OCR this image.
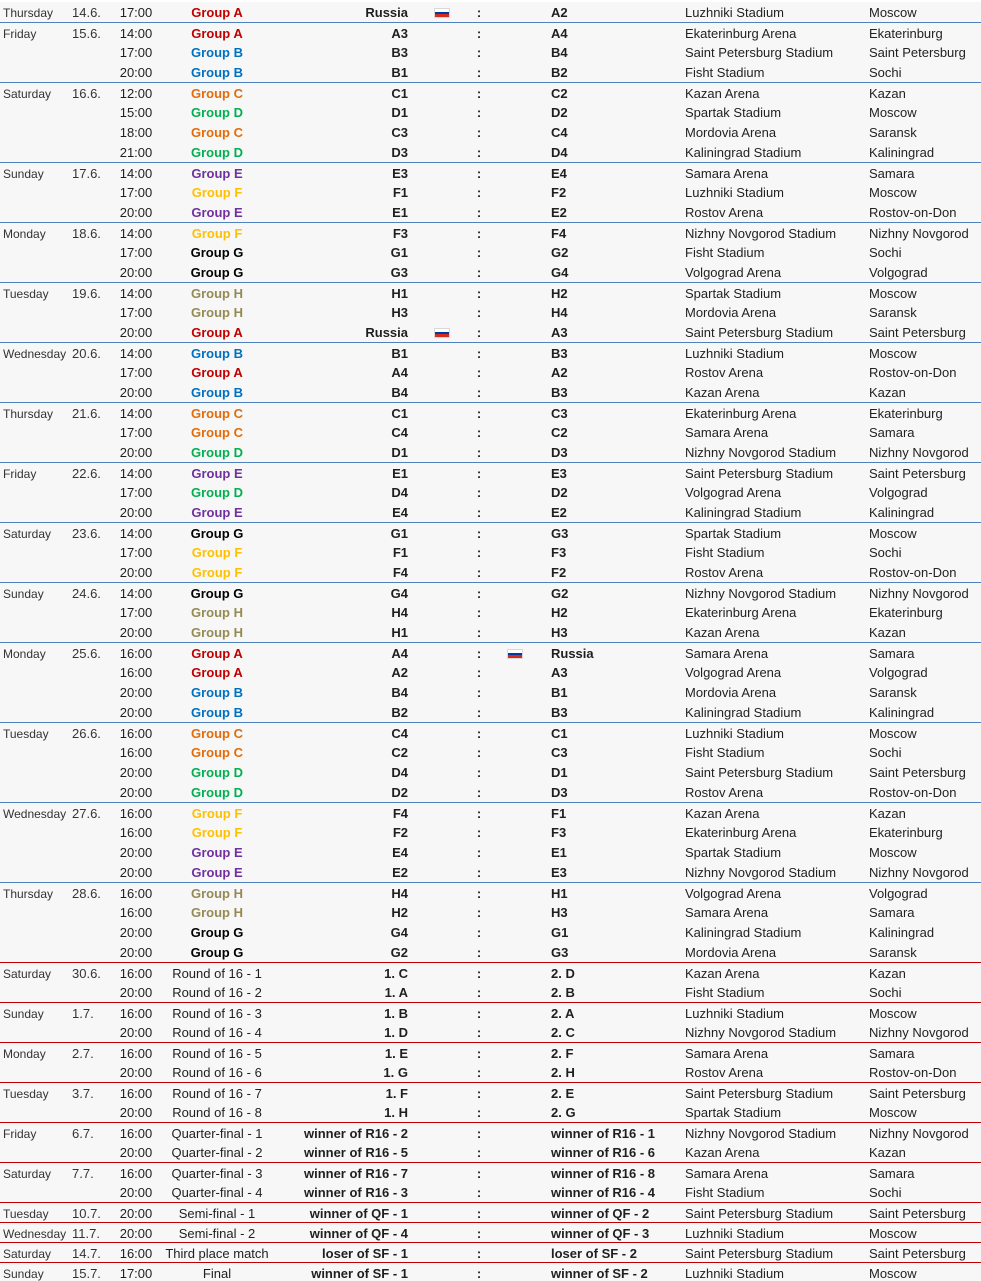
Thursday	14.6.	17:00	Group A	Russia	:	A2	Luzhniki Stadium	Moscow
Friday	15.6.	14:00	Group A	A3	:	A4	Ekaterinburg Arena	Ekaterinburg
17:00	Group B	B3	:	B4	Saint Petersburg Stadium	Saint Petersburg
20:00	Group B	B1	:	B2	Fisht Stadium	Sochi
Saturday	16.6.	12:00	Group C	C1	:	C2	Kazan Arena	Kazan
15:00	Group D	D1	:	D2	Spartak Stadium	Moscow
18:00	Group C	C3	:	C4	Mordovia Arena	Saransk
21:00	Group D	D3	:	D4	Kaliningrad Stadium	Kaliningrad
Sunday	17.6.	14:00	Group E	E3	:	E4	Samara Arena	Samara
17:00	Group F	F1	:	F2	Luzhniki Stadium	Moscow
20:00	Group E	E1	:	E2	Rostov Arena	Rostov-on-Don
Monday	18.6.	14:00	Group F	F3	:	F4	Nizhny Novgorod Stadium	Nizhny Novgorod
17:00	Group G	G1	:	G2	Fisht Stadium	Sochi
20:00	Group G	G3	:	G4	Volgograd Arena	Volgograd
Tuesday	19.6.	14:00	Group H	H1	:	H2	Spartak Stadium	Moscow
17:00	Group H	H3	:	H4	Mordovia Arena	Saransk
20:00	Group A	Russia	:	A3	Saint Petersburg Stadium	Saint Petersburg
Wednesday 20.6.	14:00	Group B	B1	:	B3	Luzhniki Stadium	Moscow
17:00	Group A	A4	:	A2	Rostov Arena	Rostov-on-Don
20:00	Group B	B4	:	B3	Kazan Arena	Kazan
Thursday	21.6.	14:00	Group C	C1	:	C3	Ekaterinburg Arena	Ekaterinburg
17:00	Group C	C4	:	C2	Samara Arena	Samara
20:00	Group D	D1	:	D3	Nizhny Novgorod Stadium	Nizhny Novgorod
Friday	22.6.	14:00	Group E	E1	:	E3	Saint Petersburg Stadium	Saint Petersburg
17:00	Group D	D4	:	D2	Volgograd Arena	Volgograd
20:00	Group E	E4	:	E2	Kaliningrad Stadium	Kaliningrad
Saturday	23.6.	14:00	Group G	G1	:	G3	Spartak Stadium	Moscow
17:00	Group F	F1	:	F3	Fisht Stadium	Sochi
20:00	Group F	F4	:	F2	Rostov Arena	Rostov-on-Don
Sunday	24.6.	14:00	Group G	G4	:	G2	Nizhny Novgorod Stadium	Nizhny Novgorod
17:00	Group H	H4	:	H2	Ekaterinburg Arena	Ekaterinburg
20:00	Group H	H1	:	H3	Kazan Arena	Kazan
Monday	25.6.	16:00	Group A	A4	:	Russia	Samara Arena	Samara
16:00	Group A	A2	:	A3	Volgograd Arena	Volgograd
20:00	Group B	B4	:	B1	Mordovia Arena	Saransk
20:00	Group B	B2	:	B3	Kaliningrad Stadium	Kaliningrad
Tuesday	26.6.	16:00	Group C	C4	:	C1	Luzhniki Stadium	Moscow
16:00	Group C	C2	:	C3	Fisht Stadium	Sochi
20:00	Group D	D4	:	D1	Saint Petersburg Stadium	Saint Petersburg
20:00	Group D	D2	:	D3	Rostov Arena	Rostov-on-Don
Wednesday 27.6.	16:00	Group F	F4	:	F1	Kazan Arena	Kazan
16:00	Group F	F2	:	F3	Ekaterinburg Arena	Ekaterinburg
20:00	Group E	E4	:	E1	Spartak Stadium	Moscow
20:00	Group E	E2	:	E3	Nizhny Novgorod Stadium	Nizhny Novgorod
Thursday	28.6.	16:00	Group H	H4	:	H1	Volgograd Arena	Volgograd
16:00	Group H	H2	:	H3	Samara Arena	Samara
20:00	Group G	G4	:	G1	Kaliningrad Stadium	Kaliningrad
20:00	Group G	G2	:	G3	Mordovia Arena	Saransk
Saturday	30.6.	16:00	Round of 16 - 1	1. C	:	2. D	Kazan Arena	Kazan
20:00	Round of 16 - 2	1. A	:	2. B	Fisht Stadium	Sochi
Sunday	1.7.	16:00	Round of 16 - 3	1. B	:	2. A	Luzhniki Stadium	Moscow
20:00	Round of 16 - 4	1. D	:	2. C	Nizhny Novgorod Stadium	Nizhny Novgorod
Monday	2.7.	16:00	Round of 16 - 5	1. E	:	2. F	Samara Arena	Samara
20:00	Round of 16 - 6	1. G	:	2. H	Rostov Arena	Rostov-on-Don
Tuesday	3.7.	16:00	Round of 16 - 7	1. F	:	2. E	Saint Petersburg Stadium	Saint Petersburg
20:00	Round of 16 - 8	1. H	:	2. G	Spartak Stadium	Moscow
Friday	6.7.	16:00	Quarter-final - 1	winner of R16 - 2	:	winner of R16 - 1	Nizhny Novgorod Stadium	Nizhny Novgorod
20:00	Quarter-final - 2	winner of R16 - 5	:	winner of R16 - 6	Kazan Arena	Kazan
Saturday	7.7.	16:00	Quarter-final - 3	winner of R16 - 7	:	winner of R16 - 8	Samara Arena	Samara
20:00	Quarter-final - 4	winner of R16 - 3	:	winner of R16 - 4	Fisht Stadium	Sochi
Tuesday	10.7.	20:00	Semi-final - 1	winner of QF - 1	:	winner of QF - 2	Saint Petersburg Stadium	Saint Petersburg
Wednesday 11.7.	20:00	Semi-final - 2	winner of QF - 4	:	winner of QF - 3	Luzhniki Stadium	Moscow
Saturday	14.7.	16:00	Third place match	loser of SF - 1	:	loser of SF - 2	Saint Petersburg Stadium	Saint Petersburg
Sunday	15.7.	17:00	Final	winner of SF - 1	:	winner of SF - 2	Luzhniki Stadium	Moscow
